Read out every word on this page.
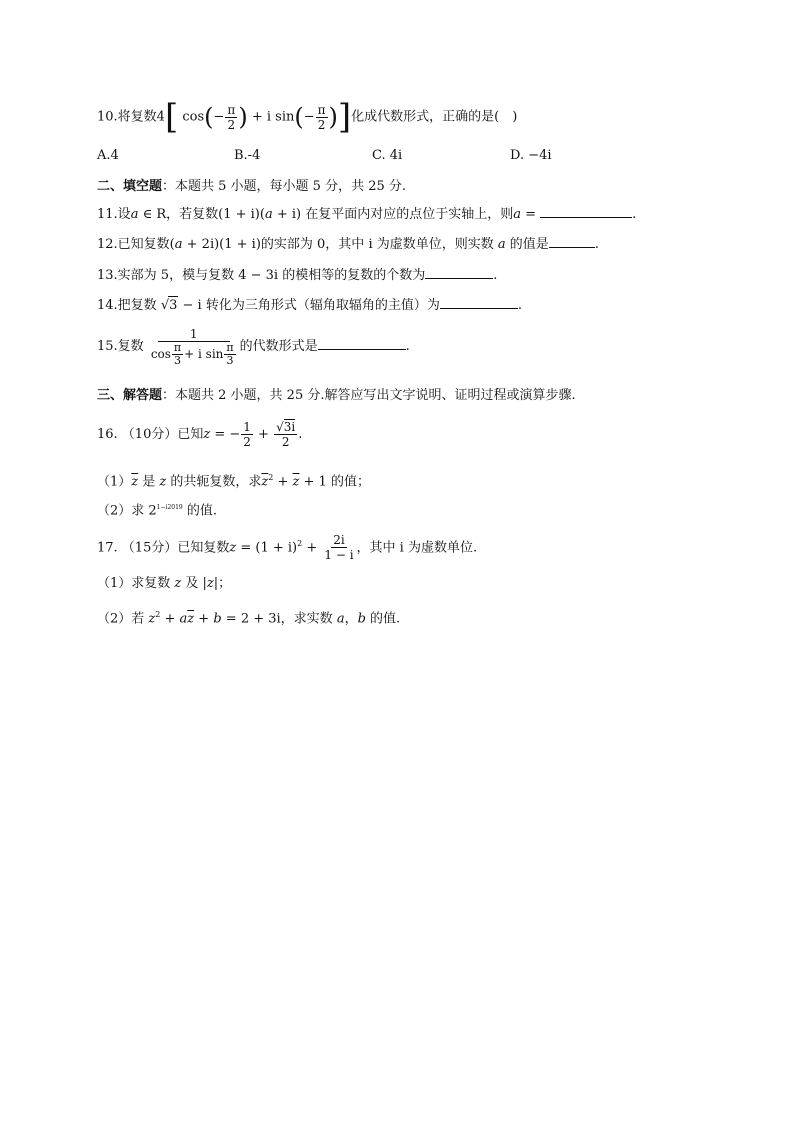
10.将复数4[ $\cos(- \frac{\pi}{2}$ ) + i $\sin(- \frac{\pi}{2}$ )]化成代数形式，正确的是(　)
A.4	B.-4	C. 4i	D. −4i
二、填空题：本题共 5 小题，每小题 5 分，共 25 分.
11.设a ∈ R，若复数(1 + i)(a + i) 在复平面内对应的点位于实轴上，则a =	.
12.已知复数(a + 2i)(1 + i)的实部为 0，其中 i 为虚数单位，则实数 a 的值是	.
13.实部为 5，模与复数 4 − 3i 的模相等的复数的个数为	.
14.把复数 √3 − i 转化为三角形式（辐角取辐角的主值）为	.
15.复数 $\frac{1}{\cos \frac{\pi}{3} + i \sin \frac{\pi}{3}}$ 的代数形式是	.
三、解答题：本题共 2 小题，共 25 分.解答应写出文字说明、证明过程或演算步骤.
16. （10分）已知z = − $\frac{1}{2} + \frac{√3i}{2}$ .
$(1)\overline{z}$ 是 z 的共轭复数，求$\overline{z}^2 + \overline{z} + 1$ 的值；
（2）求 $2^{1-i2019}$ 的值.
17. （15分）已知复数$z = (1 + i)^2 + \frac{2i}{1 - i}$ ，其中 i 为虚数单位.
（1）求复数 z 及 |z|；
（2）若 $z^2 + a\overline{z} + b = 2 + 3i$，求实数 a，b 的值.
